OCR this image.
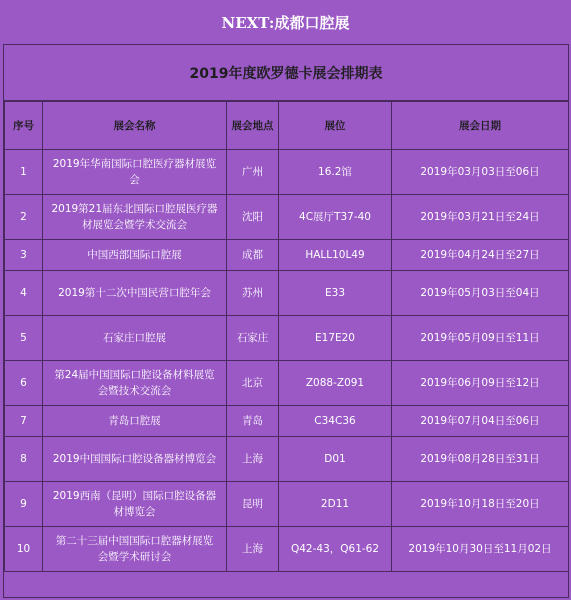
NEXT:成都口腔展
2019年度欧罗德卡展会排期表
序号	展会名称	展会地点	展位	展会日期
1	2019年华南国际口腔医疗器材展览会	广州	16.2馆	2019年03月03日至06日
2	2019第21届东北国际口腔展医疗器材展览会暨学术交流会	沈阳	4C展厅T37-40	2019年03月21日至24日
3	中国西部国际口腔展	成都	HALL10L49	2019年04月24日至27日
4	2019第十二次中国民营口腔年会	苏州	E33	2019年05月03日至04日
5	石家庄口腔展	石家庄	E17E20	2019年05月09日至11日
6	第24届中国国际口腔设备材料展览会暨技术交流会	北京	Z088-Z091	2019年06月09日至12日
7	青岛口腔展	青岛	C34C36	2019年07月04日至06日
8	2019中国国际口腔设备器材博览会	上海	D01	2019年08月28日至31日
9	2019西南（昆明）国际口腔设备器材博览会	昆明	2D11	2019年10月18日至20日
10	第二十三届中国国际口腔器材展览会暨学术研讨会	上海	Q42-43，Q61-62	2019年10月30日至11月02日
